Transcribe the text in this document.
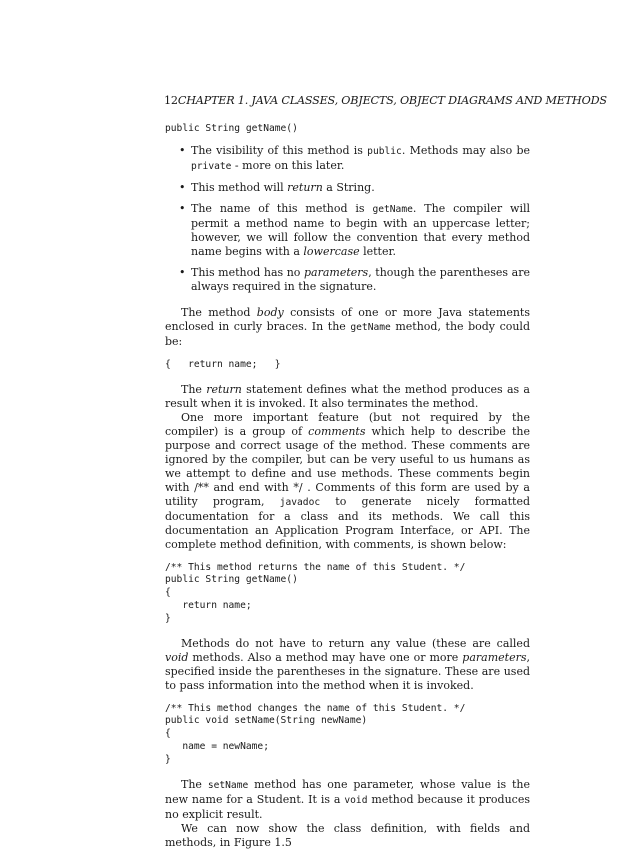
12CHAPTER 1. JAVA CLASSES, OBJECTS, OBJECT DIAGRAMS AND METHODS
public String getName()
• The visibility of this method is public. Methods may also be private - more on this later.
• This method will return a String.
• The name of this method is getName. The compiler will permit a method name to begin with an uppercase letter; however, we will follow the convention that every method name begins with a lowercase letter.
• This method has no parameters, though the parentheses are always required in the signature.
The method body consists of one or more Java statements enclosed in curly braces. In the getName method, the body could be:
{   return name;   }
The return statement defines what the method produces as a result when it is invoked. It also terminates the method.
One more important feature (but not required by the compiler) is a group of comments which help to describe the purpose and correct usage of the method. These comments are ignored by the compiler, but can be very useful to us humans as we attempt to define and use methods. These comments begin with /** and end with */ . Comments of this form are used by a utility program, javadoc to generate nicely formatted documentation for a class and its methods. We call this documentation an Application Program Interface, or API. The complete method definition, with comments, is shown below:
/** This method returns the name of this Student. */
public String getName()
{
return name;
}
Methods do not have to return any value (these are called void methods. Also a method may have one or more parameters, specified inside the parentheses in the signature. These are used to pass information into the method when it is invoked.
/** This method changes the name of this Student. */
public void setName(String newName)
{
name = newName;
}
The setName method has one parameter, whose value is the new name for a Student. It is a void method because it produces no explicit result.
We can now show the class definition, with fields and methods, in Figure 1.5
